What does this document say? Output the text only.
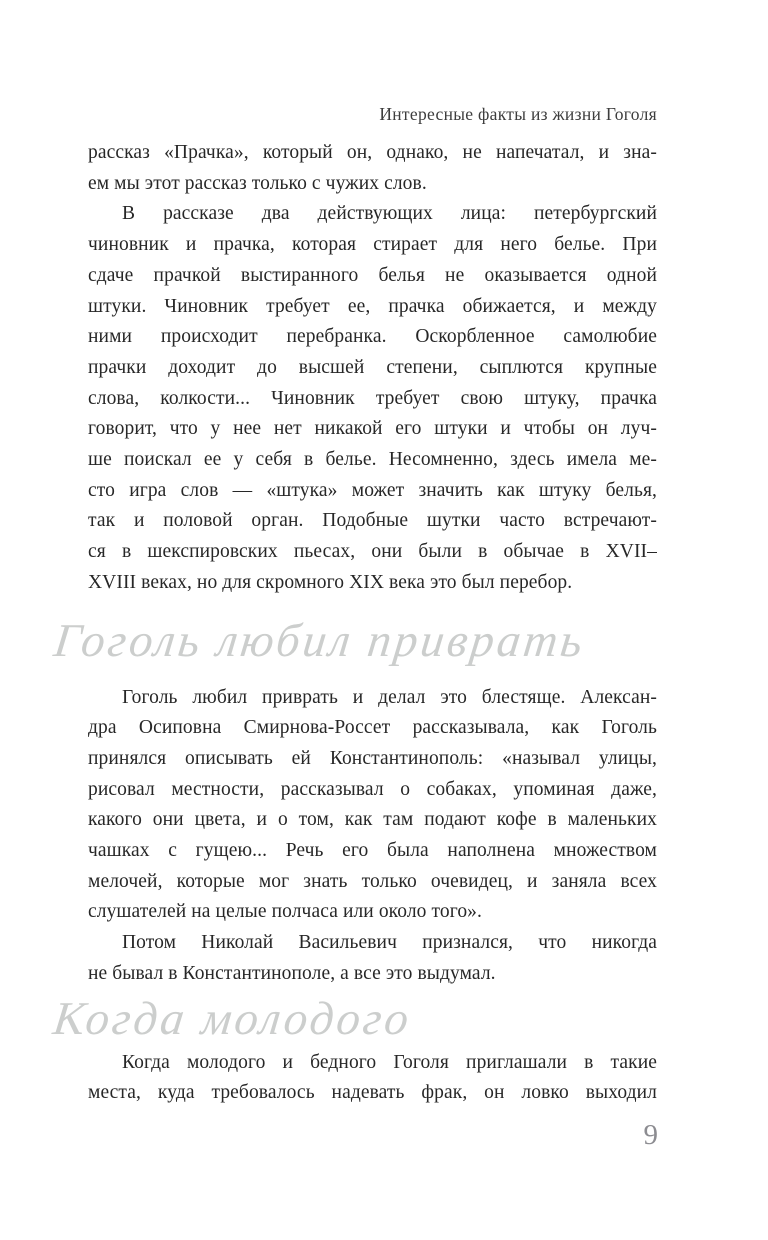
Интересные факты из жизни Гоголя
рассказ «Прачка», который он, однако, не напечатал, и зна-
ем мы этот рассказ только с чужих слов.
В рассказе два действующих лица: петербургский
чиновник и прачка, которая стирает для него белье. При
сдаче прачкой выстиранного белья не оказывается одной
штуки. Чиновник требует ее, прачка обижается, и между
ними происходит перебранка. Оскорбленное самолюбие
прачки доходит до высшей степени, сыплются крупные
слова, колкости... Чиновник требует свою штуку, прачка
говорит, что у нее нет никакой его штуки и чтобы он луч-
ше поискал ее у себя в белье. Несомненно, здесь имела ме-
сто игра слов — «штука» может значить как штуку белья,
так и половой орган. Подобные шутки часто встречают-
ся в шекспировских пьесах, они были в обычае в XVII–
XVIII веках, но для скромного XIX века это был перебор.
Гоголь любил приврать
Гоголь любил приврать и делал это блестяще. Алексан-
дра Осиповна Смирнова-Россет рассказывала, как Гоголь
принялся описывать ей Константинополь: «называл улицы,
рисовал местности, рассказывал о собаках, упоминая даже,
какого они цвета, и о том, как там подают кофе в маленьких
чашках с гущею... Речь его была наполнена множеством
мелочей, которые мог знать только очевидец, и заняла всех
слушателей на целые полчаса или около того».
Потом Николай Васильевич признался, что никогда
не бывал в Константинополе, а все это выдумал.
Когда молодого
Когда молодого и бедного Гоголя приглашали в такие
места, куда требовалось надевать фрак, он ловко выходил
9
